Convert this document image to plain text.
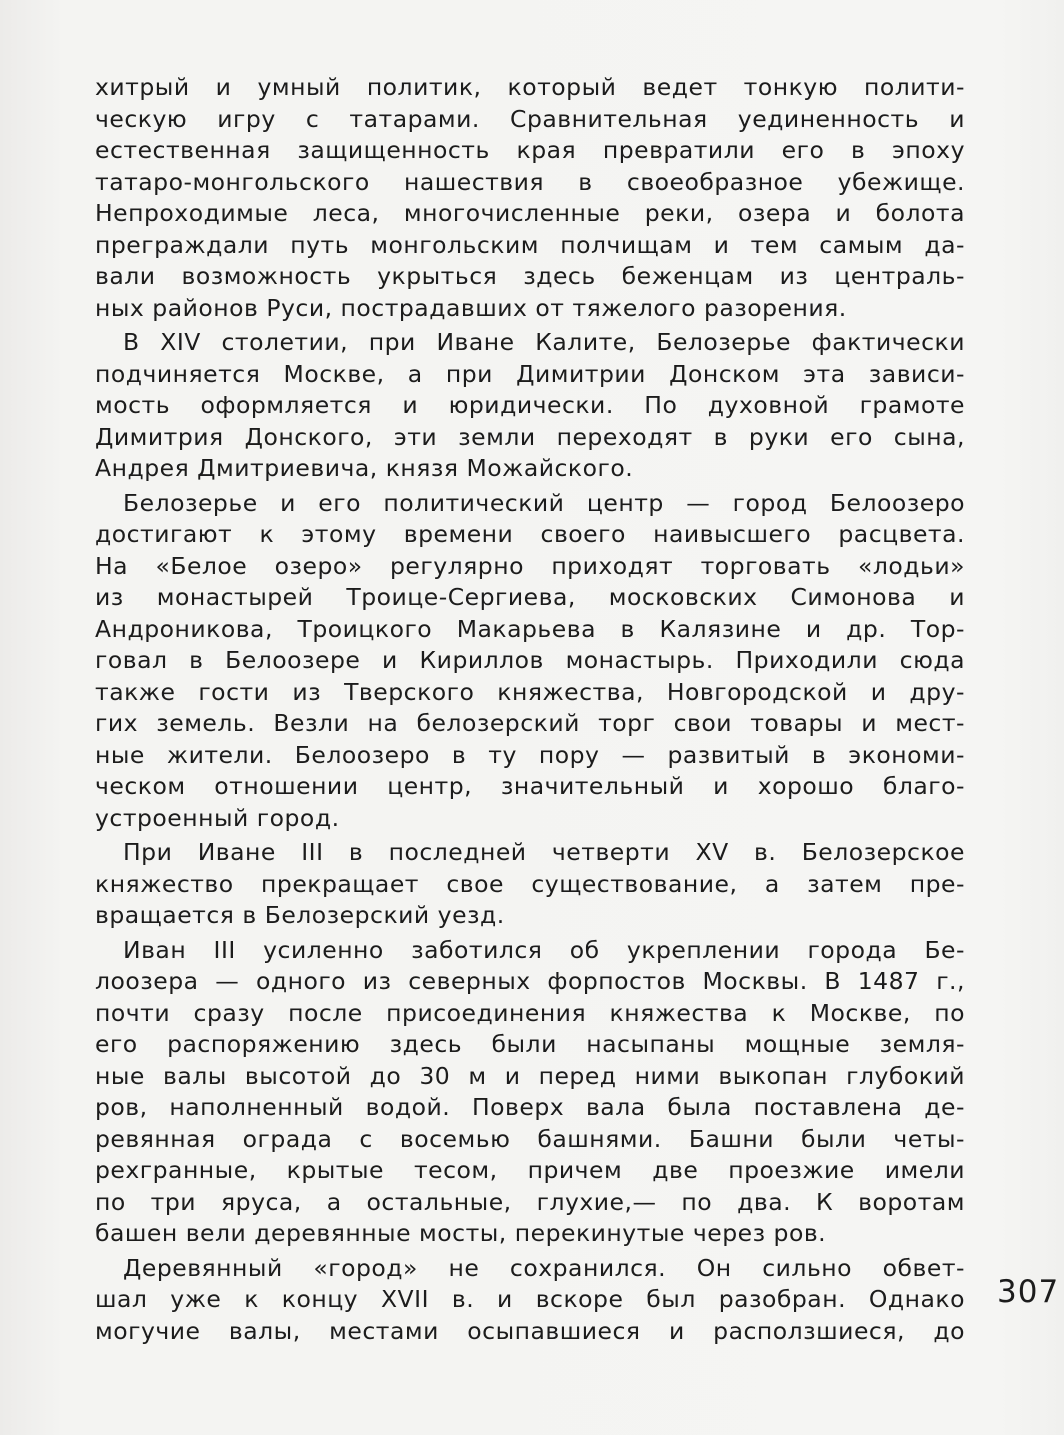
хитрый и умный политик, который ведет тонкую полити-
ческую игру с татарами. Сравнительная уединенность и
естественная защищенность края превратили его в эпоху
татаро-монгольского нашествия в своеобразное убежище.
Непроходимые леса, многочисленные реки, озера и болота
преграждали путь монгольским полчищам и тем самым да-
вали возможность укрыться здесь беженцам из централь-
ных районов Руси, пострадавших от тяжелого разорения.
В XIV столетии, при Иване Калите, Белозерье фактически
подчиняется Москве, а при Димитрии Донском эта зависи-
мость оформляется и юридически. По духовной грамоте
Димитрия Донского, эти земли переходят в руки его сына,
Андрея Дмитриевича, князя Можайского.
Белозерье и его политический центр — город Белоозеро
достигают к этому времени своего наивысшего расцвета.
На «Белое озеро» регулярно приходят торговать «лодьи»
из монастырей Троице-Сергиева, московских Симонова и
Андроникова, Троицкого Макарьева в Калязине и др. Тор-
говал в Белоозере и Кириллов монастырь. Приходили сюда
также гости из Тверского княжества, Новгородской и дру-
гих земель. Везли на белозерский торг свои товары и мест-
ные жители. Белоозеро в ту пору — развитый в экономи-
ческом отношении центр, значительный и хорошо благо-
устроенный город.
При Иване III в последней четверти XV в. Белозерское
княжество прекращает свое существование, а затем пре-
вращается в Белозерский уезд.
Иван III усиленно заботился об укреплении города Бе-
лоозера — одного из северных форпостов Москвы. В 1487 г.,
почти сразу после присоединения княжества к Москве, по
его распоряжению здесь были насыпаны мощные земля-
ные валы высотой до 30 м и перед ними выкопан глубокий
ров, наполненный водой. Поверх вала была поставлена де-
ревянная ограда с восемью башнями. Башни были четы-
рехгранные, крытые тесом, причем две проезжие имели
по три яруса, а остальные, глухие,— по два. К воротам
башен вели деревянные мосты, перекинутые через ров.
Деревянный «город» не сохранился. Он сильно обвет-
шал уже к концу XVII в. и вскоре был разобран. Однако
могучие валы, местами осыпавшиеся и расползшиеся, до
307
